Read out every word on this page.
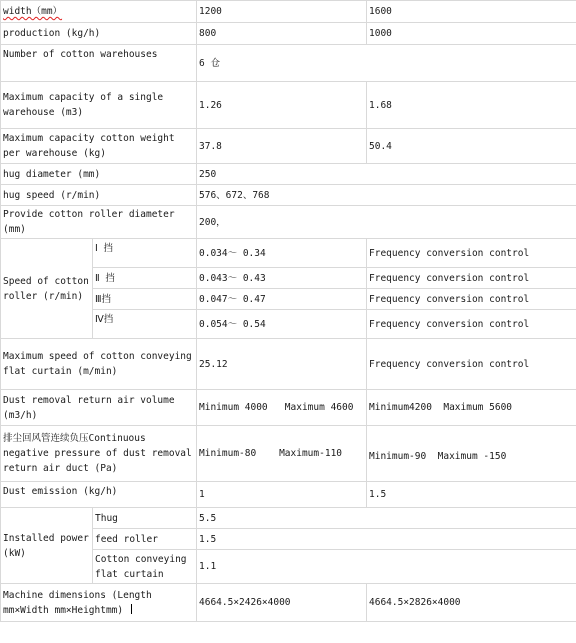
width（mm）		1200	1600
production (kg/h)		800	1000
Number of cotton warehouses		6 仓	
Maximum capacity of a single warehouse (m3)		1.26	1.68
Maximum capacity cotton weight per warehouse (kg)		37.8	50.4
hug diameter (mm)		250	
hug speed (r/min)		576、672、768	
Provide cotton roller diameter (mm)		200，	
Speed of cotton roller (r/min)	Ⅰ 挡	0.034～ 0.34	Frequency conversion control
	Ⅱ 挡	0.043～ 0.43	Frequency conversion control
	Ⅲ挡	0.047～ 0.47	Frequency conversion control
	Ⅳ挡	0.054～ 0.54	Frequency conversion control
Maximum speed of cotton conveying flat curtain (m/min)		25.12	Frequency conversion control
Dust removal return air volume (m3/h)		Minimum 4000   Maximum 4600	Minimum4200  Maximum 5600
排尘回风管连续负压Continuous negative pressure of dust removal return air duct (Pa)		Minimum-80    Maximum-110	Minimum-90  Maximum -150
Dust emission (kg/h)		1	1.5
Installed power (kW)	Thug	5.5	
	feed roller	1.5	
	Cotton conveying flat curtain	1.1	
Machine dimensions (Length mm×Width mm×Heightmm)		4664.5×2426×4000	4664.5×2826×4000
